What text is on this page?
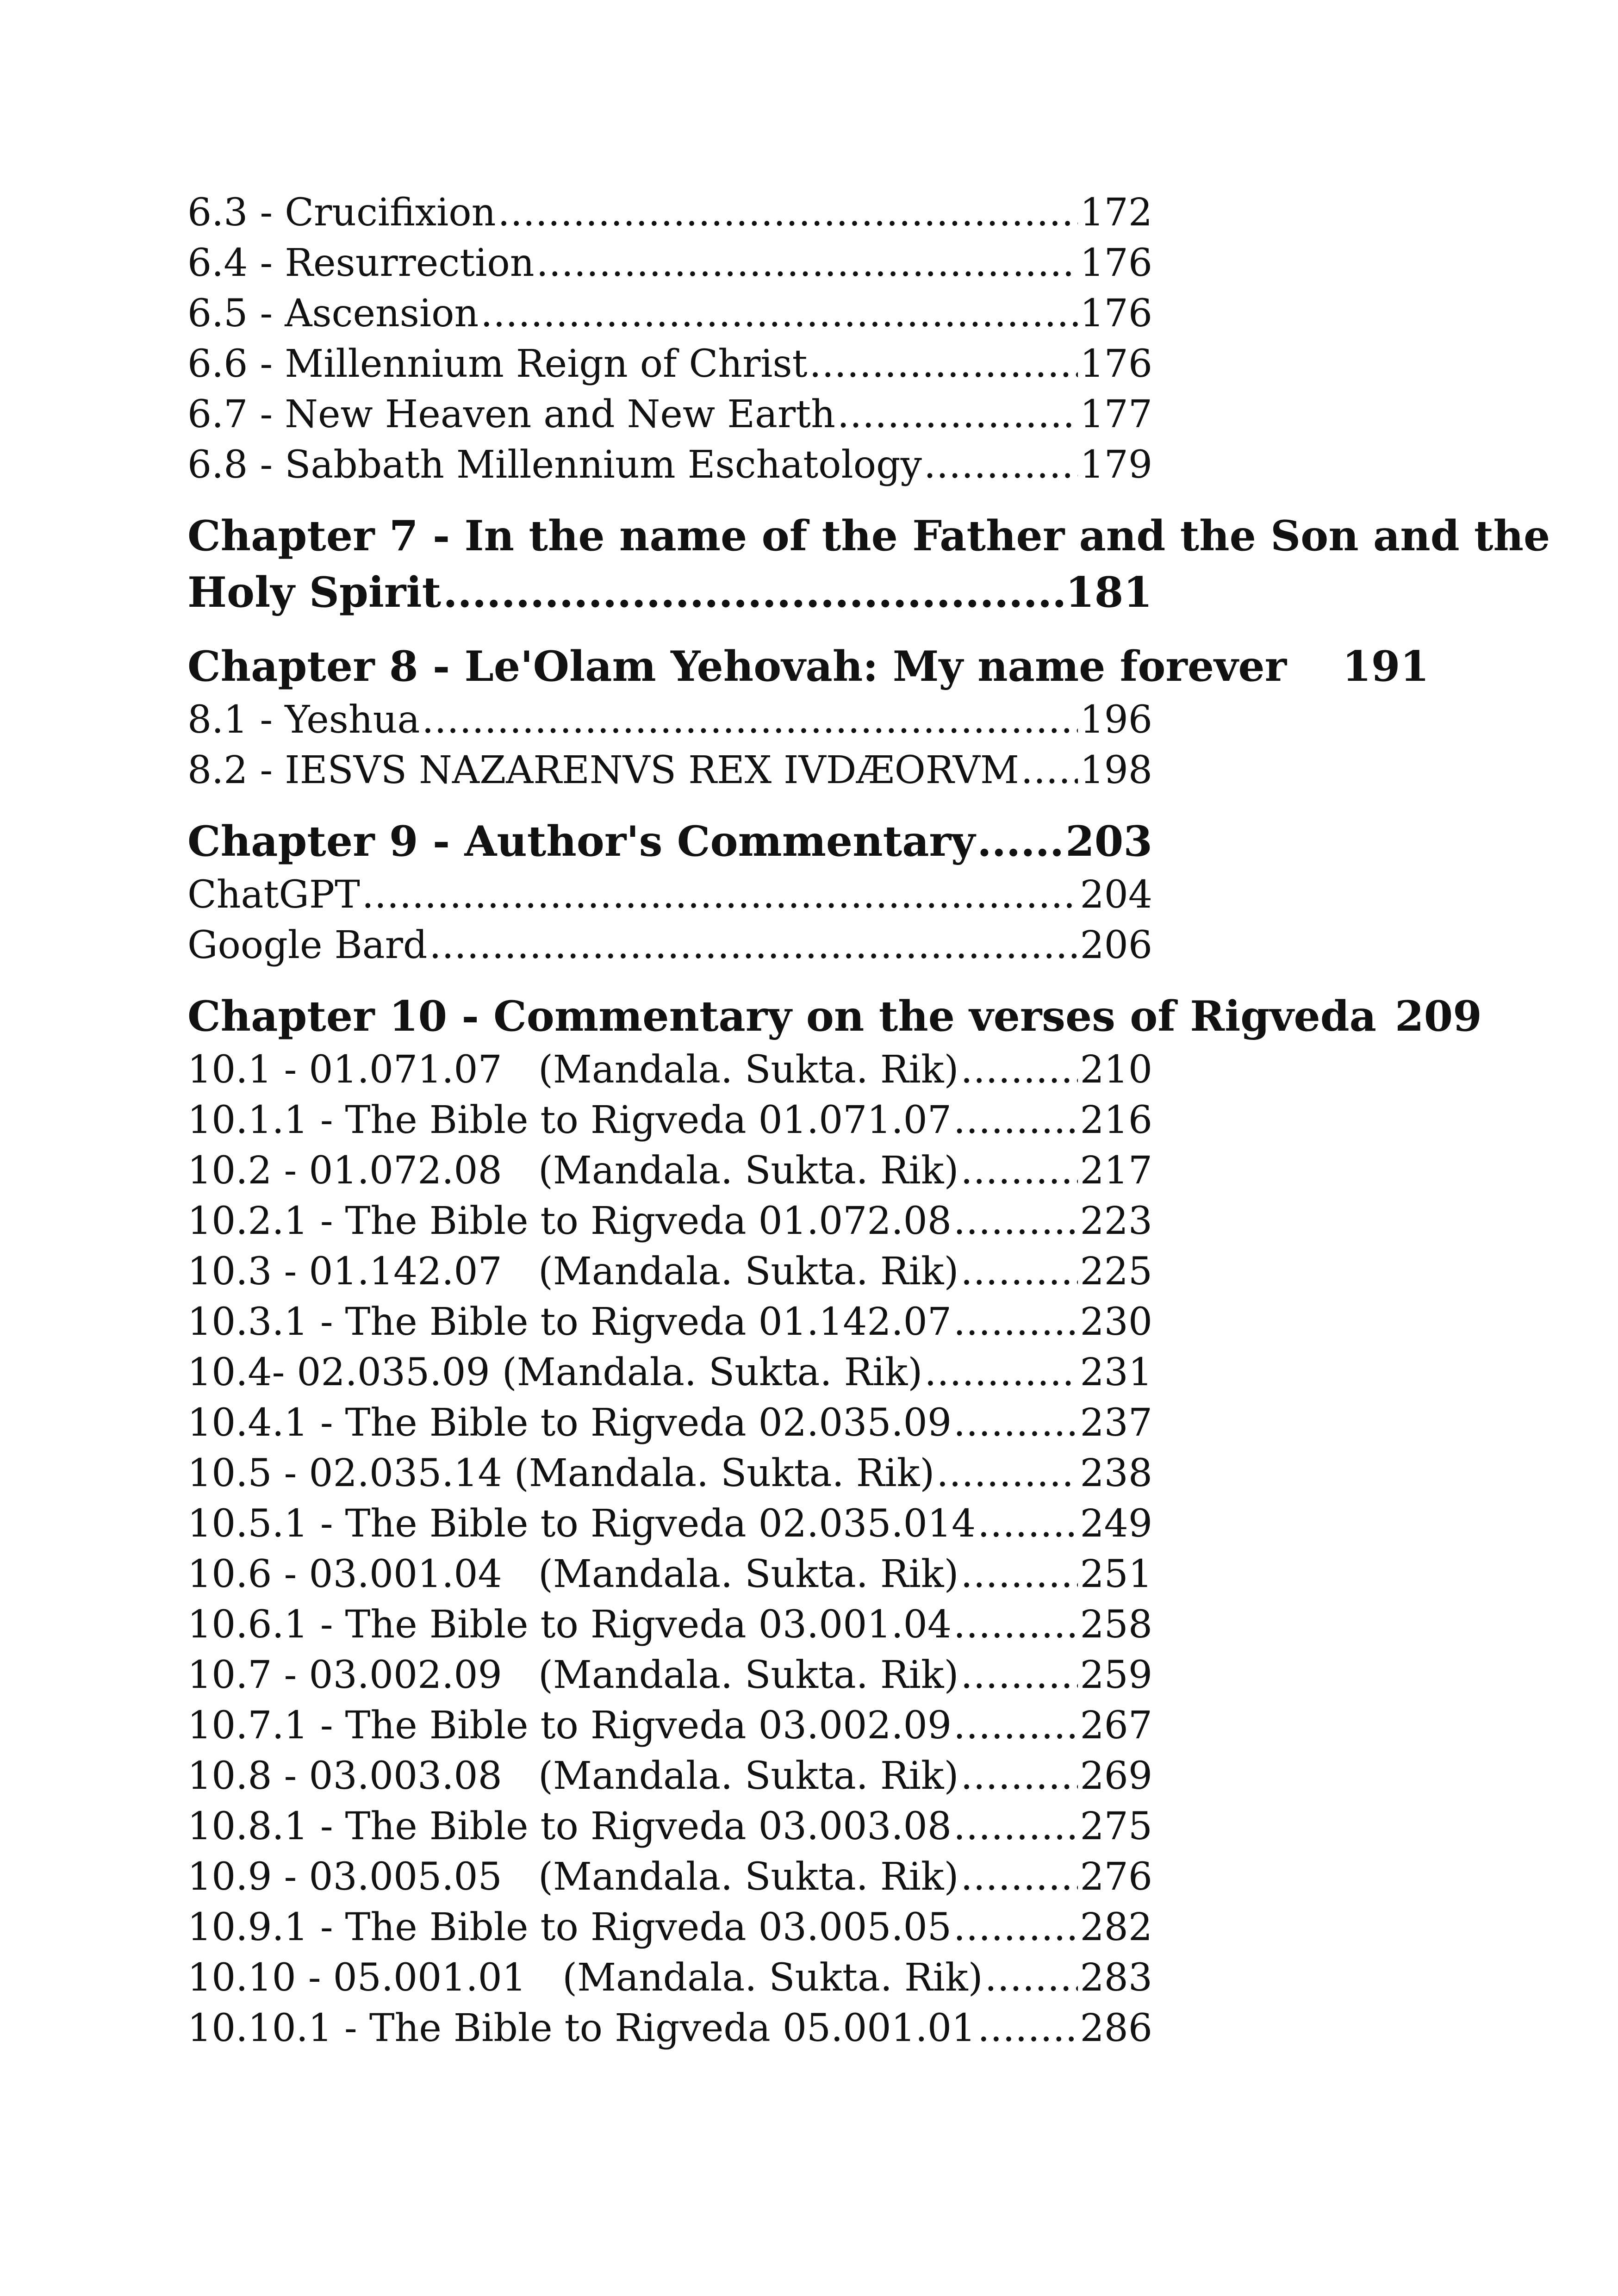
6.3 - Crucifixion .....	172
6.4 - Resurrection .....	176
6.5 - Ascension .....	176
6.6 - Millennium Reign of Christ .....	176
6.7 - New Heaven and New Earth .....	177
6.8 - Sabbath Millennium Eschatology .....	179
Chapter 7 - In the name of the Father and the Son and the
Holy Spirit .....	181
Chapter 8 - Le'Olam Yehovah: My name forever 191
8.1 - Yeshua .....	196
8.2 - IESVS NAZARENVS REX IVDÆORVM ..... 198
Chapter 9 - Author's Commentary ..... 203
ChatGPT .....	204
Google Bard .....	206
Chapter 10 - Commentary on the verses of Rigveda 209
10.1 - 01.071.07   (Mandala. Sukta. Rik) .....	210
10.1.1 - The Bible to Rigveda 01.071.07 .....	216
10.2 - 01.072.08   (Mandala. Sukta. Rik) .....	217
10.2.1 - The Bible to Rigveda 01.072.08 .....	223
10.3 - 01.142.07   (Mandala. Sukta. Rik) .....	225
10.3.1 - The Bible to Rigveda 01.142.07 .....	230
10.4- 02.035.09 (Mandala. Sukta. Rik) .....	231
10.4.1 - The Bible to Rigveda 02.035.09 .....	237
10.5 - 02.035.14 (Mandala. Sukta. Rik) .....	238
10.5.1 - The Bible to Rigveda 02.035.014 .....	249
10.6 - 03.001.04   (Mandala. Sukta. Rik) .....	251
10.6.1 - The Bible to Rigveda 03.001.04 .....	258
10.7 - 03.002.09   (Mandala. Sukta. Rik) .....	259
10.7.1 - The Bible to Rigveda 03.002.09 .....	267
10.8 - 03.003.08   (Mandala. Sukta. Rik) .....	269
10.8.1 - The Bible to Rigveda 03.003.08 .....	275
10.9 - 03.005.05   (Mandala. Sukta. Rik) .....	276
10.9.1 - The Bible to Rigveda 03.005.05 .....	282
10.10 - 05.001.01   (Mandala. Sukta. Rik) .....	283
10.10.1 - The Bible to Rigveda 05.001.01 .....	286
